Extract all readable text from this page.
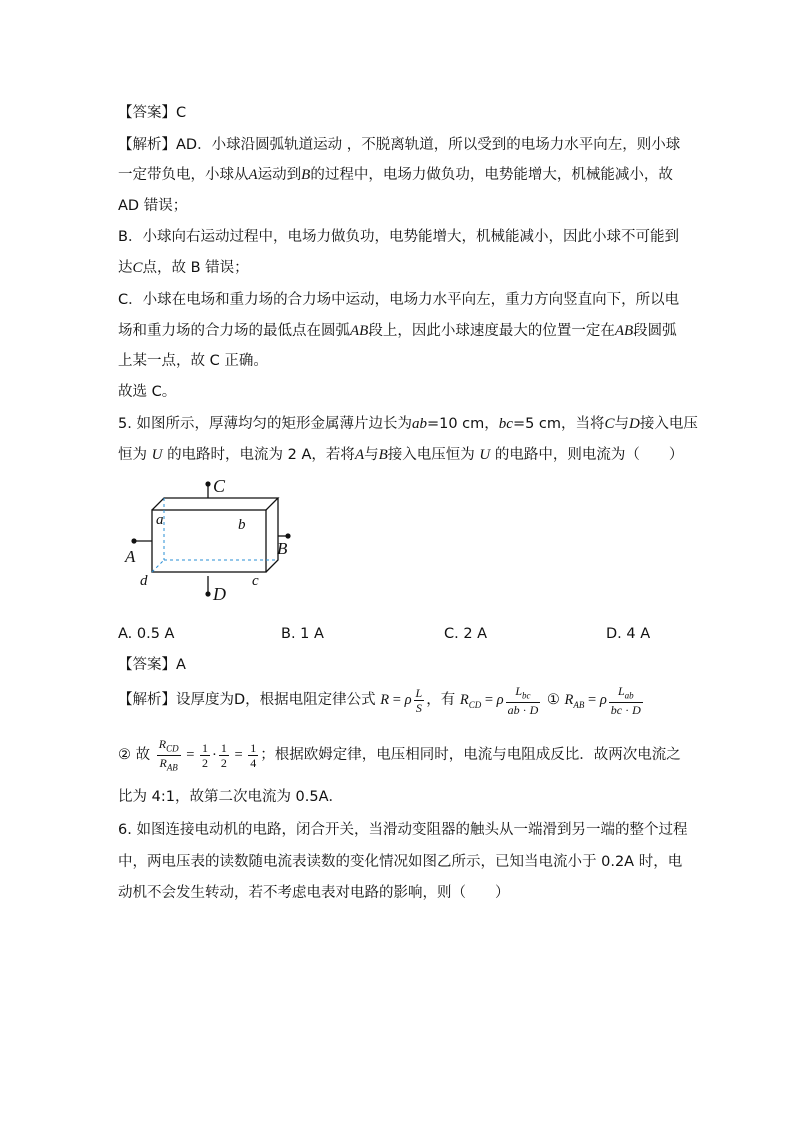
【答案】C
【解析】AD．小球沿圆弧轨道运动 ，不脱离轨道，所以受到的电场力水平向左，则小球
一定带负电，小球从A运动到B的过程中，电场力做负功，电势能增大，机械能减小，故
AD 错误；
B．小球向右运动过程中，电场力做负功，电势能增大，机械能减小，因此小球不可能到
达C点，故 B 错误；
C．小球在电场和重力场的合力场中运动，电场力水平向左，重力方向竖直向下，所以电
场和重力场的合力场的最低点在圆弧AB段上，因此小球速度最大的位置一定在AB段圆弧
上某一点，故 C 正确。
故选 C。
5. 如图所示，厚薄均匀的矩形金属薄片边长为ab=10 cm，bc=5 cm，当将C与D接入电压
恒为 U 的电路时，电流为 2 A，若将A与B接入电压恒为 U 的电路中，则电流为（　　）
C
D
A	B
a	b
c
d
A. 0.5 A	B. 1 A	C. 2 A	D. 4 A
【答案】A
【解析】设厚度为D，根据电阻定律公式 R = ρ $\frac{L}{S}$ ，有 $R_{CD} = \rho \frac{L_{bc}}{ab \cdot D}$ ① $R_{AB} = \rho \frac{L_{ab}}{bc \cdot D}$
② 故 $\frac{R_{CD}}{R_{AB}} = \frac{1}{2} \cdot \frac{1}{2} = \frac{1}{4}$ ；根据欧姆定律，电压相同时，电流与电阻成反比．故两次电流之
比为 4:1，故第二次电流为 0.5A．
6. 如图连接电动机的电路，闭合开关，当滑动变阻器的触头从一端滑到另一端的整个过程
中，两电压表的读数随电流表读数的变化情况如图乙所示，已知当电流小于 0.2A 时，电
动机不会发生转动，若不考虑电表对电路的影响，则（　　）
